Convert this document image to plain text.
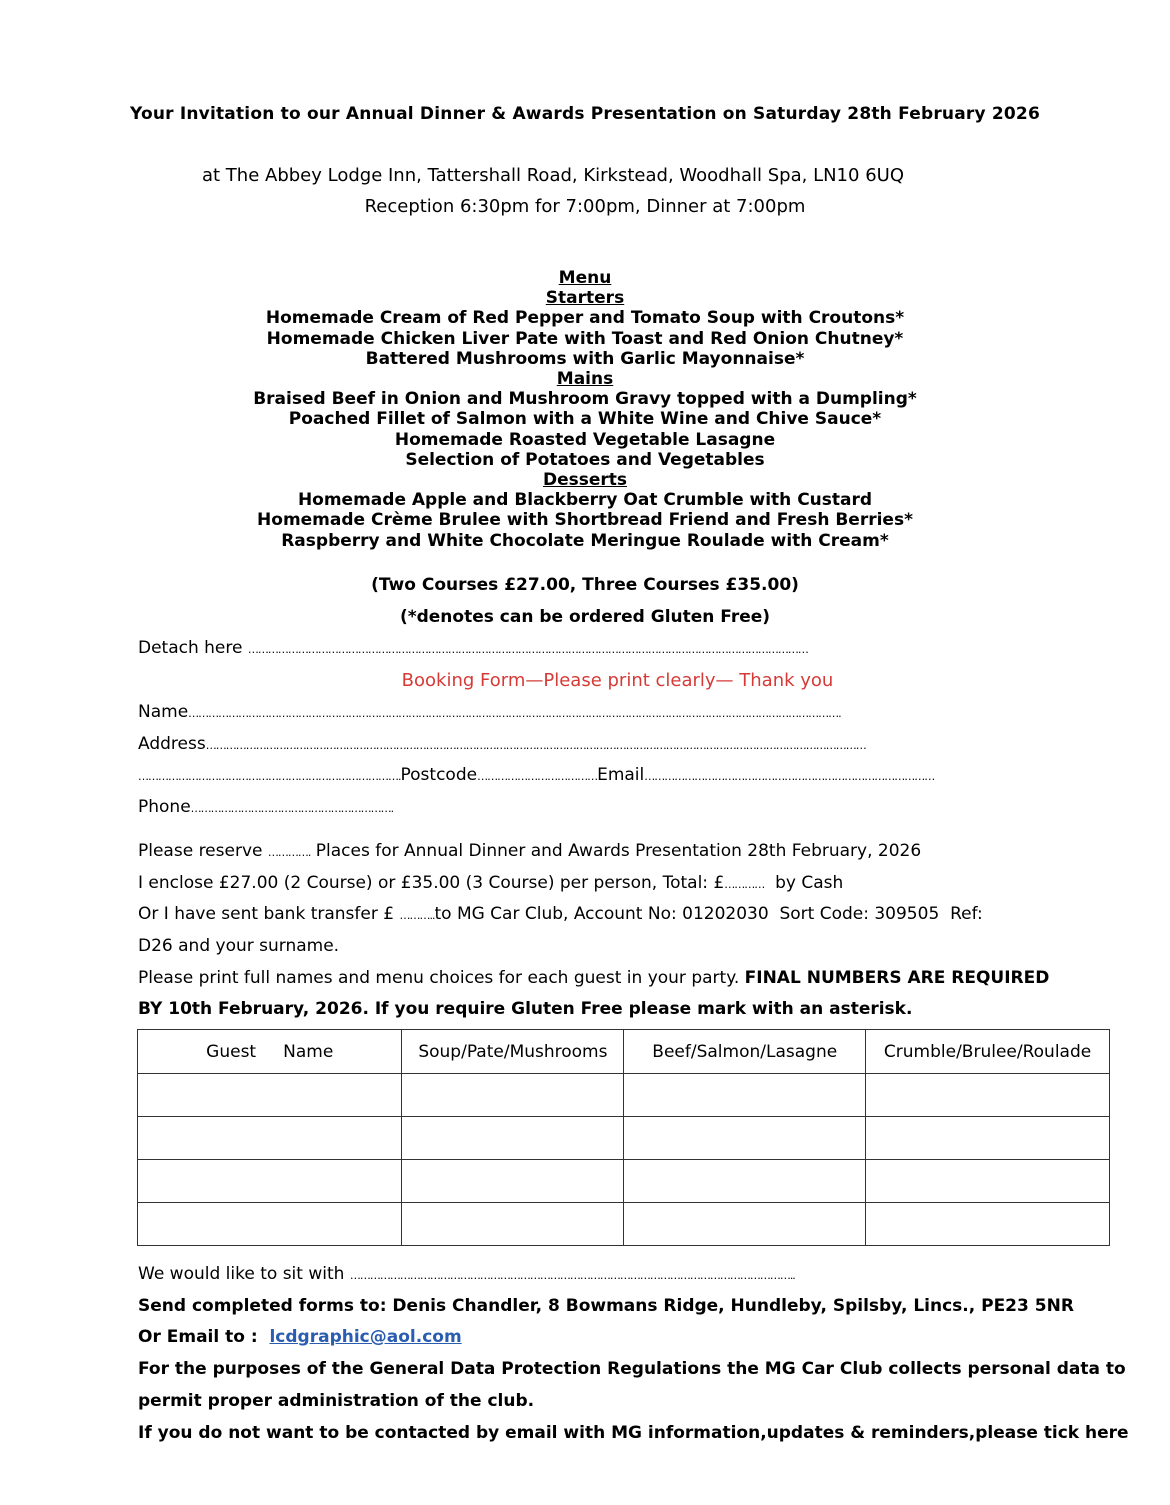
Your Invitation to our Annual Dinner & Awards Presentation on Saturday 28th February 2026
at The Abbey Lodge Inn, Tattershall Road, Kirkstead, Woodhall Spa, LN10 6UQ
Reception 6:30pm for 7:00pm, Dinner at 7:00pm
Menu
Starters
Homemade Cream of Red Pepper and Tomato Soup with Croutons*
Homemade Chicken Liver Pate with Toast and Red Onion Chutney*
Battered Mushrooms with Garlic Mayonnaise*
Mains
Braised Beef in Onion and Mushroom Gravy topped with a Dumpling*
Poached Fillet of Salmon with a White Wine and Chive Sauce*
Homemade Roasted Vegetable Lasagne
Selection of Potatoes and Vegetables
Desserts
Homemade Apple and Blackberry Oat Crumble with Custard
Homemade Crème Brulee with Shortbread Friend and Fresh Berries*
Raspberry and White Chocolate Meringue Roulade with Cream*
(Two Courses £27.00, Three Courses £35.00)
(*denotes can be ordered Gluten Free)
Detach here ……………………………………………………………………………………………………………………………………………………
Booking Form—Please print clearly— Thank you
Name…………………………………………………………………………………………………………………………………………………………………………….
Address………………………………………………………………………………………………………………………………………………………………………………
…………………………………………………………………….Postcode………………………………Email……………………………………………………………………………
Phone…………………………………………………….
Please reserve …………. Places for Annual Dinner and Awards Presentation 28th February, 2026
I enclose £27.00 (2 Course) or £35.00 (3 Course) per person, Total: £…………  by Cash
Or I have sent bank transfer £ ………..to MG Car Club, Account No: 01202030  Sort Code: 309505  Ref:
D26 and your surname.
Please print full names and menu choices for each guest in your party. FINAL NUMBERS ARE REQUIRED
BY 10th February, 2026. If you require Gluten Free please mark with an asterisk.
Guest     Name	Soup/Pate/Mushrooms	Beef/Salmon/Lasagne	Crumble/Brulee/Roulade

We would like to sit with ……………………………………………………………………………………………………………………..
Send completed forms to: Denis Chandler, 8 Bowmans Ridge, Hundleby, Spilsby, Lincs., PE23 5NR
Or Email to :  lcdgraphic@aol.com
For the purposes of the General Data Protection Regulations the MG Car Club collects personal data to
permit proper administration of the club.
If you do not want to be contacted by email with MG information,updates & reminders,please tick here
